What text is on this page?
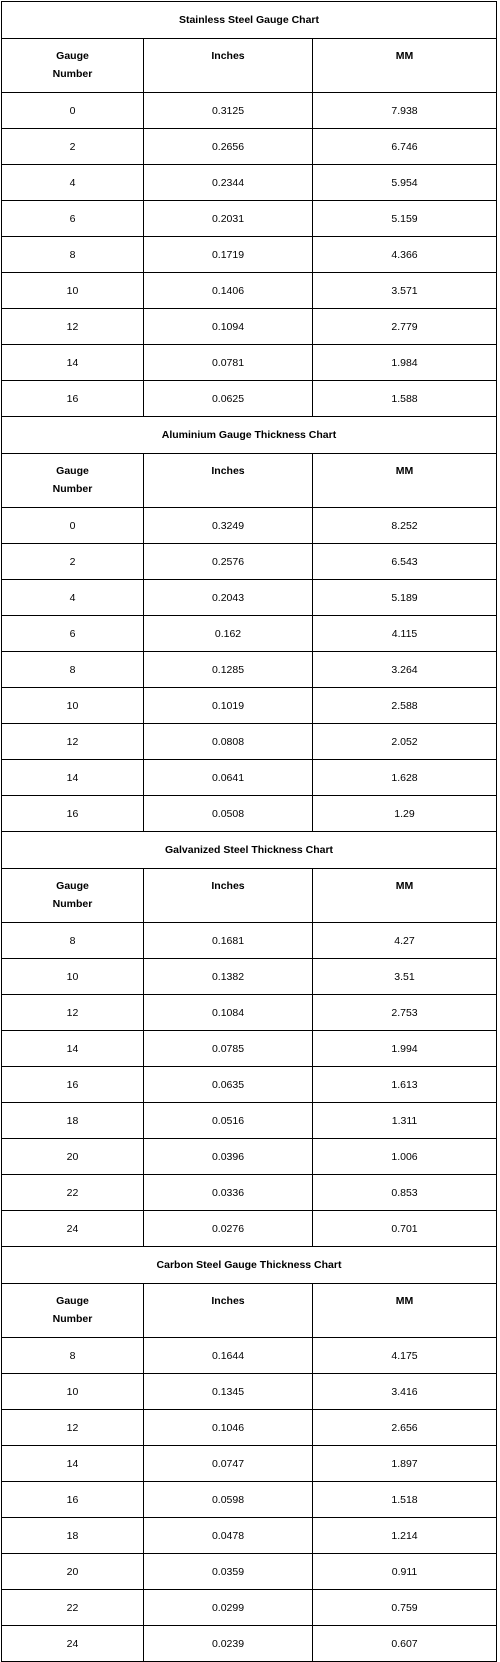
Stainless Steel Gauge Chart		
Gauge Number	Inches	MM
0	0.3125	7.938
2	0.2656	6.746
4	0.2344	5.954
6	0.2031	5.159
8	0.1719	4.366
10	0.1406	3.571
12	0.1094	2.779
14	0.0781	1.984
16	0.0625	1.588
Aluminium Gauge Thickness Chart		
Gauge Number	Inches	MM
0	0.3249	8.252
2	0.2576	6.543
4	0.2043	5.189
6	0.162	4.115
8	0.1285	3.264
10	0.1019	2.588
12	0.0808	2.052
14	0.0641	1.628
16	0.0508	1.29
Galvanized Steel Thickness Chart		
Gauge Number	Inches	MM
8	0.1681	4.27
10	0.1382	3.51
12	0.1084	2.753
14	0.0785	1.994
16	0.0635	1.613
18	0.0516	1.311
20	0.0396	1.006
22	0.0336	0.853
24	0.0276	0.701
Carbon Steel Gauge Thickness Chart		
Gauge Number	Inches	MM
8	0.1644	4.175
10	0.1345	3.416
12	0.1046	2.656
14	0.0747	1.897
16	0.0598	1.518
18	0.0478	1.214
20	0.0359	0.911
22	0.0299	0.759
24	0.0239	0.607
